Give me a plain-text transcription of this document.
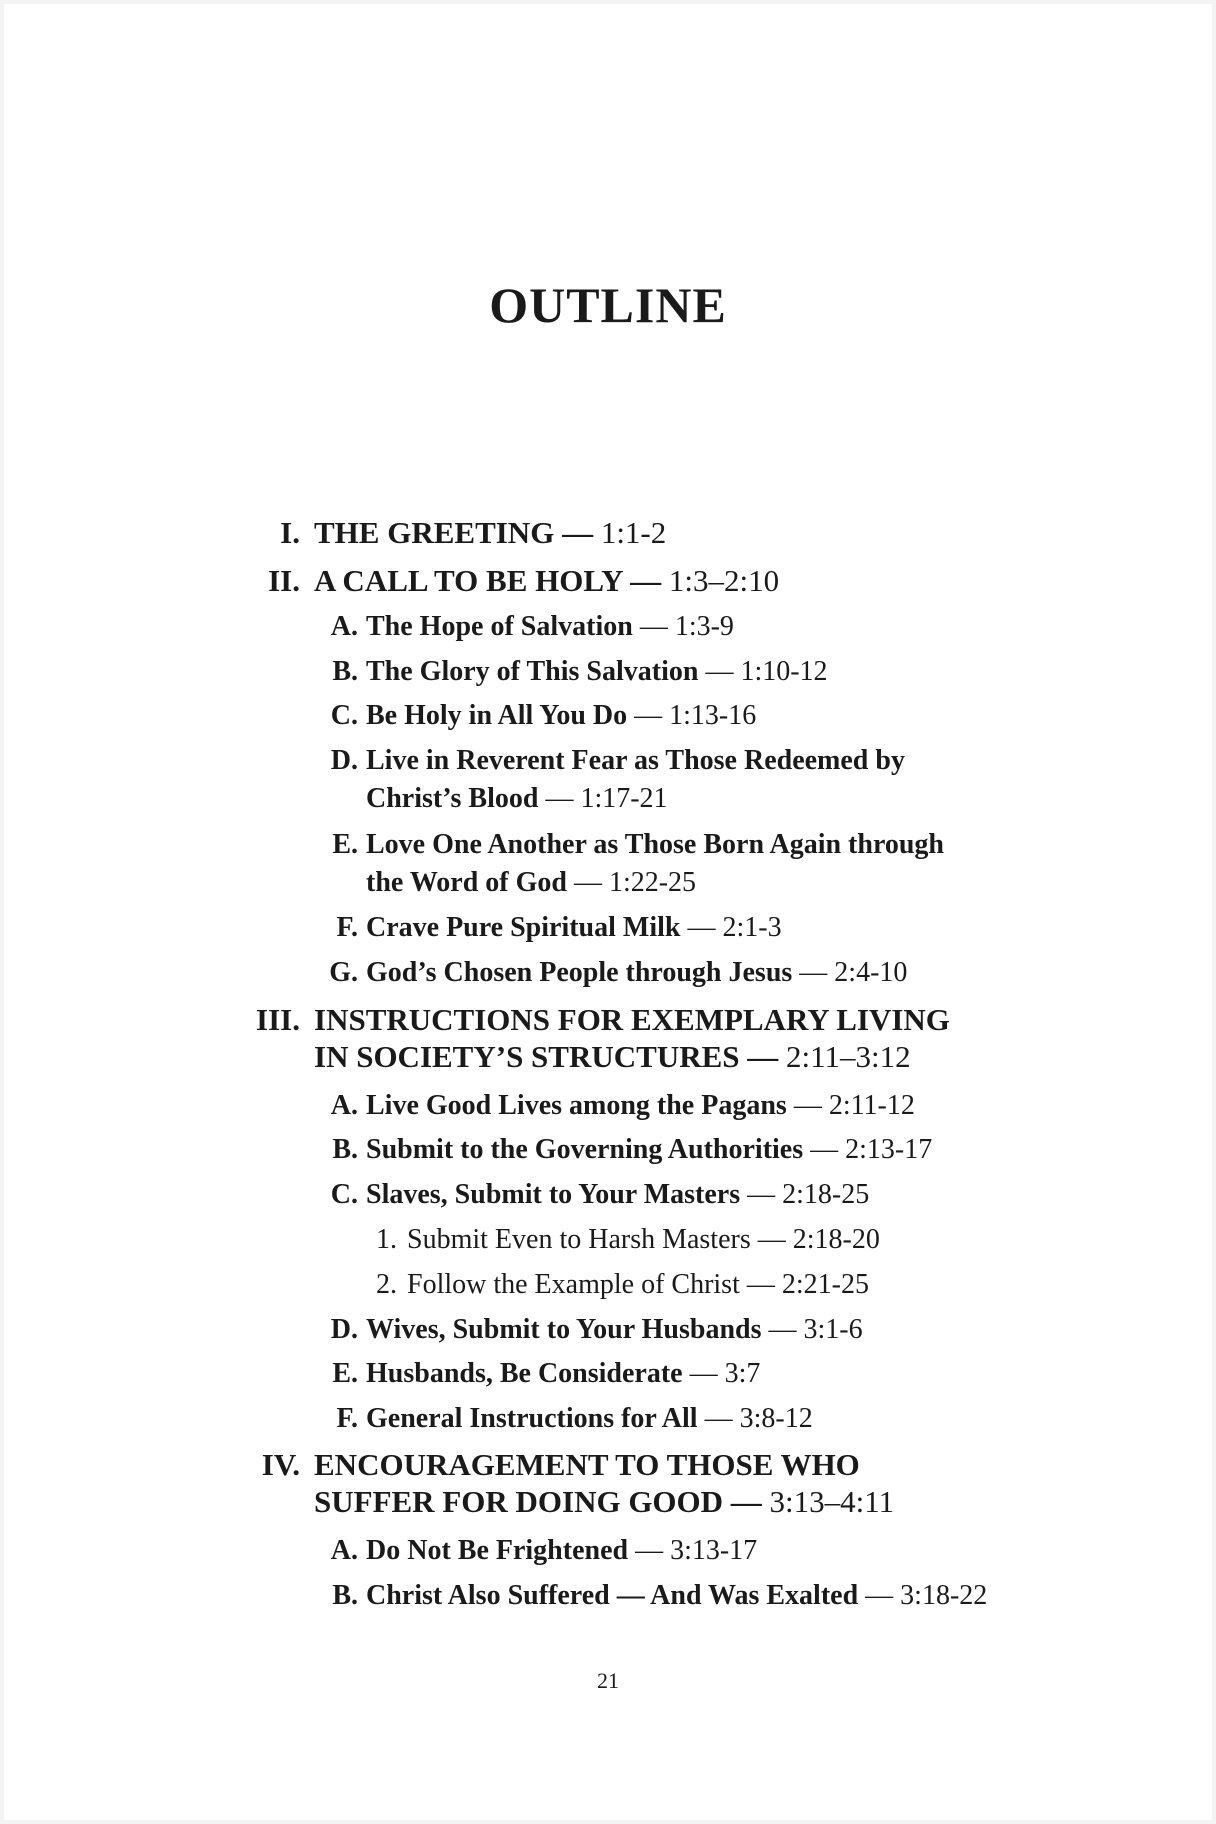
OUTLINE
I. THE GREETING — 1:1-2
II. A CALL TO BE HOLY — 1:3–2:10
A. The Hope of Salvation — 1:3-9
B. The Glory of This Salvation — 1:10-12
C. Be Holy in All You Do — 1:13-16
D. Live in Reverent Fear as Those Redeemed by
Christ’s Blood — 1:17-21
E. Love One Another as Those Born Again through
the Word of God — 1:22-25
F. Crave Pure Spiritual Milk — 2:1-3
G. God’s Chosen People through Jesus — 2:4-10
III. INSTRUCTIONS FOR EXEMPLARY LIVING
IN SOCIETY’S STRUCTURES — 2:11–3:12
A. Live Good Lives among the Pagans — 2:11-12
B. Submit to the Governing Authorities — 2:13-17
C. Slaves, Submit to Your Masters — 2:18-25
1. Submit Even to Harsh Masters — 2:18-20
2. Follow the Example of Christ — 2:21-25
D. Wives, Submit to Your Husbands — 3:1-6
E. Husbands, Be Considerate — 3:7
F. General Instructions for All — 3:8-12
IV. ENCOURAGEMENT TO THOSE WHO
SUFFER FOR DOING GOOD — 3:13–4:11
A. Do Not Be Frightened — 3:13-17
B. Christ Also Suffered — And Was Exalted — 3:18-22
21
